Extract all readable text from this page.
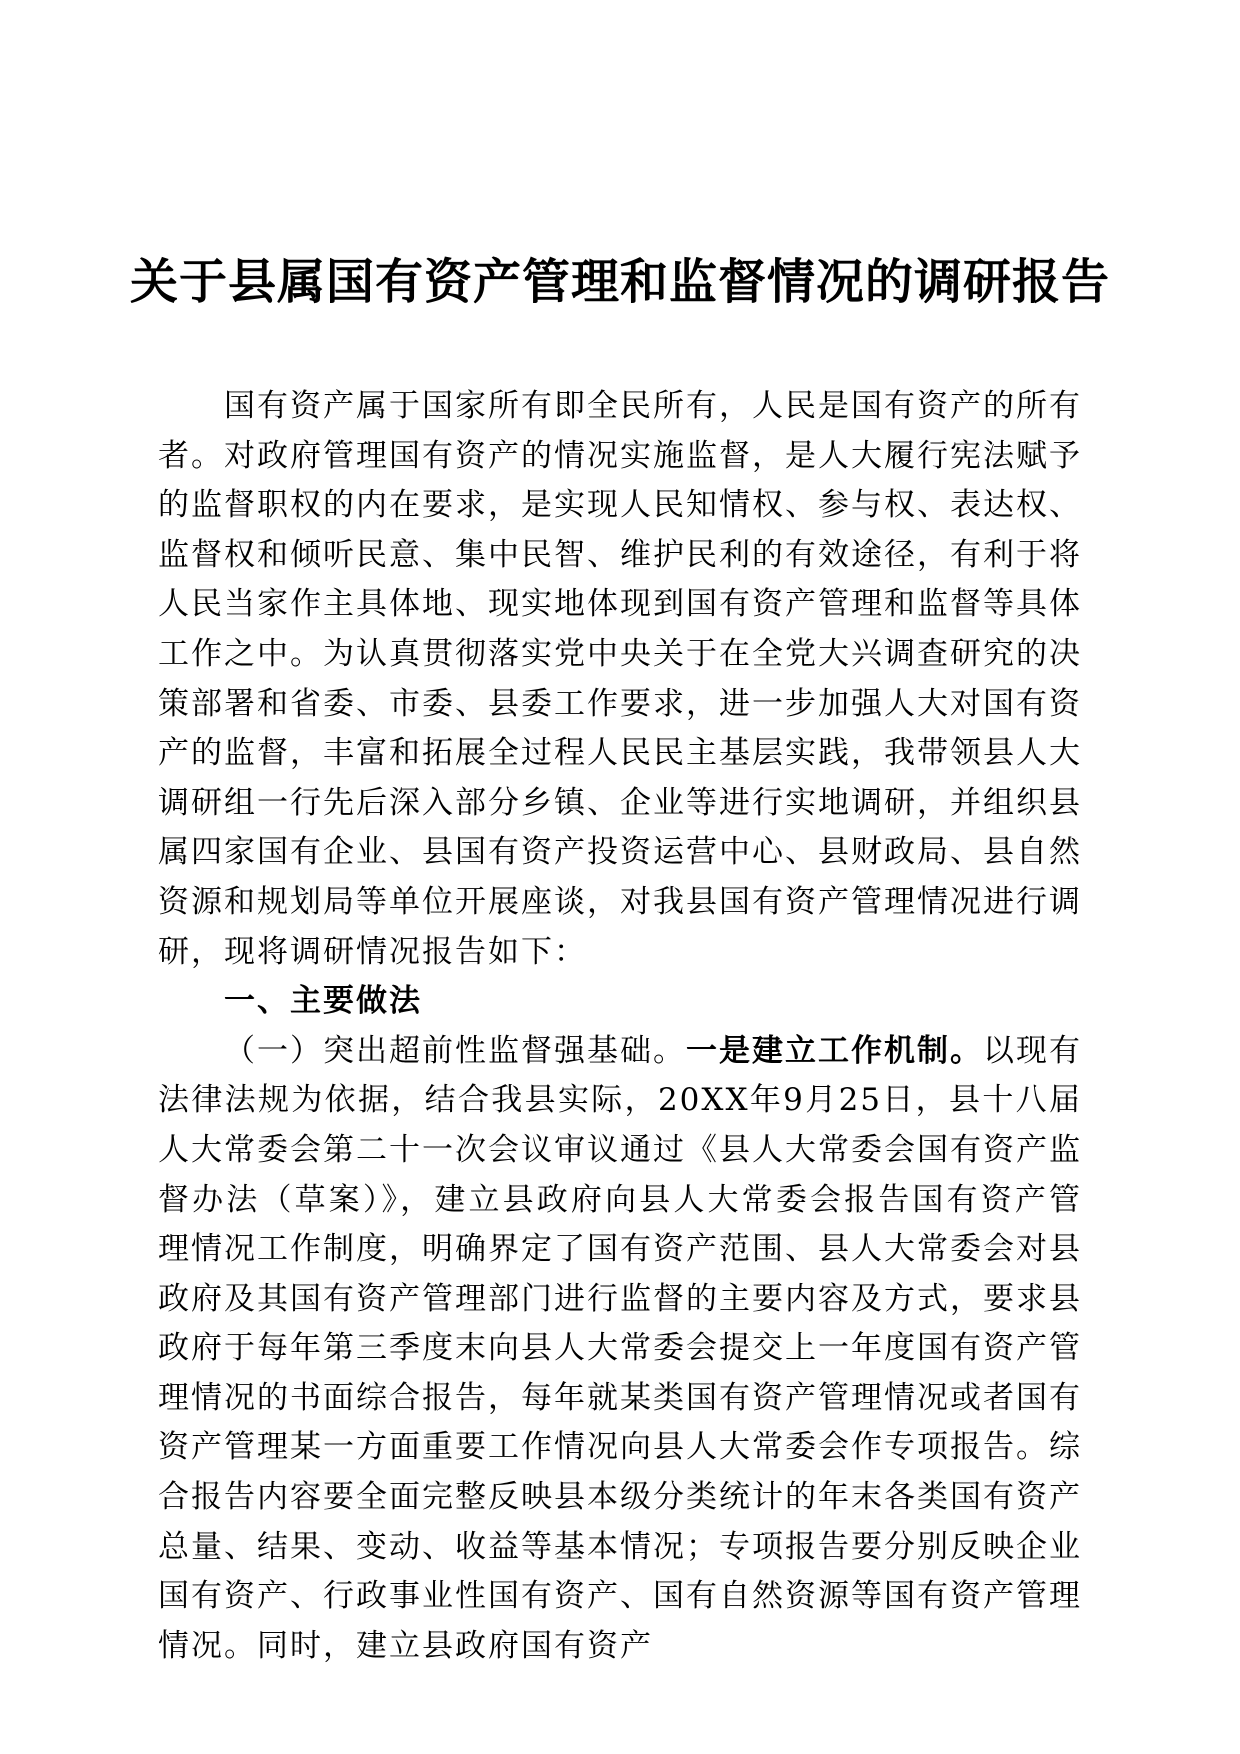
关于县属国有资产管理和监督情况的调研报告

国有资产属于国家所有即全民所有，人民是国有资产的所有者。对政府管理国有资产的情况实施监督，是人大履行宪法赋予的监督职权的内在要求，是实现人民知情权、参与权、表达权、监督权和倾听民意、集中民智、维护民利的有效途径，有利于将人民当家作主具体地、现实地体现到国有资产管理和监督等具体工作之中。为认真贯彻落实党中央关于在全党大兴调查研究的决策部署和省委、市委、县委工作要求，进一步加强人大对国有资产的监督，丰富和拓展全过程人民民主基层实践，我带领县人大调研组一行先后深入部分乡镇、企业等进行实地调研，并组织县属四家国有企业、县国有资产投资运营中心、县财政局、县自然资源和规划局等单位开展座谈，对我县国有资产管理情况进行调研，现将调研情况报告如下：

一、主要做法

（一）突出超前性监督强基础。一是建立工作机制。以现有法律法规为依据，结合我县实际，20XX年9月25日，县十八届人大常委会第二十一次会议审议通过《县人大常委会国有资产监督办法（草案）》，建立县政府向县人大常委会报告国有资产管理情况工作制度，明确界定了国有资产范围、县人大常委会对县政府及其国有资产管理部门进行监督的主要内容及方式，要求县政府于每年第三季度末向县人大常委会提交上一年度国有资产管理情况的书面综合报告，每年就某类国有资产管理情况或者国有资产管理某一方面重要工作情况向县人大常委会作专项报告。综合报告内容要全面完整反映县本级分类统计的年末各类国有资产总量、结果、变动、收益等基本情况；专项报告要分别反映企业国有资产、行政事业性国有资产、国有自然资源等国有资产管理情况。同时，建立县政府国有资产
